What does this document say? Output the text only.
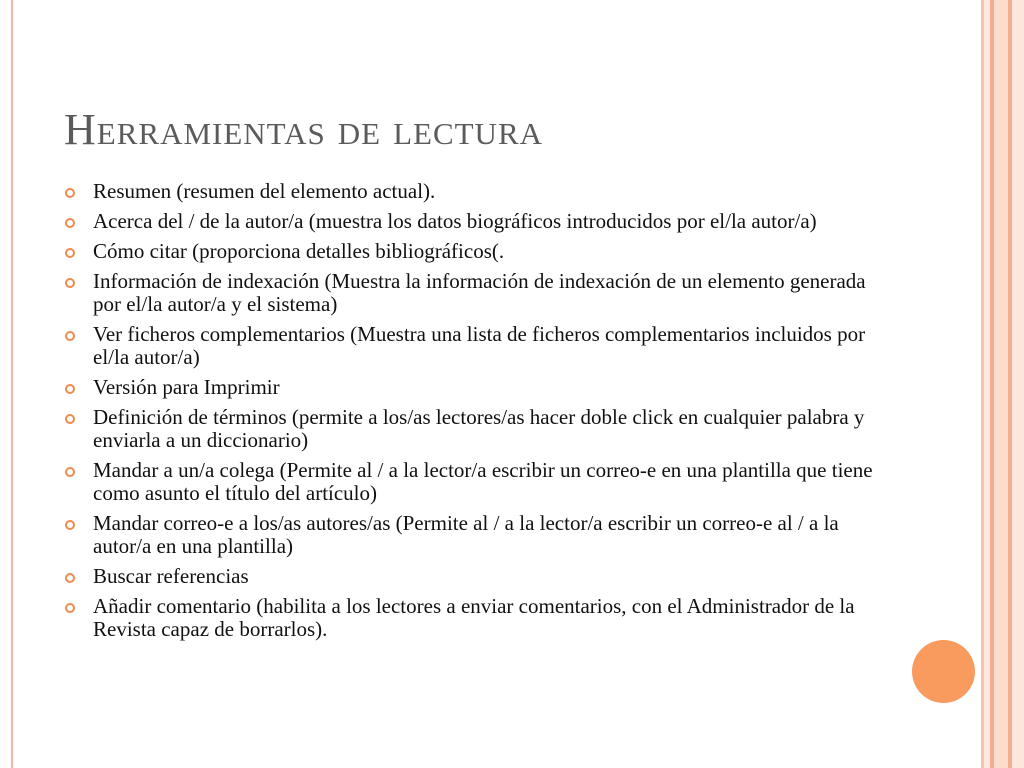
Herramientas de lectura
Resumen (resumen del elemento actual).
Acerca del / de la autor/a (muestra los datos biográficos introducidos por el/la autor/a)
Cómo citar (proporciona detalles bibliográficos(.
Información de indexación (Muestra la información de indexación de un elemento generada por el/la autor/a y el sistema)
Ver ficheros complementarios (Muestra una lista de ficheros complementarios incluidos por el/la autor/a)
Versión para Imprimir
Definición de términos (permite a los/as lectores/as hacer doble click en cualquier palabra y enviarla a un diccionario)
Mandar a un/a colega (Permite al / a la lector/a escribir un correo-e en una plantilla que tiene como asunto el título del artículo)
Mandar correo-e a los/as autores/as (Permite al / a la lector/a escribir un correo-e al / a la autor/a en una plantilla)
Buscar referencias
Añadir comentario (habilita a los lectores a enviar comentarios, con el Administrador de la Revista capaz de borrarlos).
